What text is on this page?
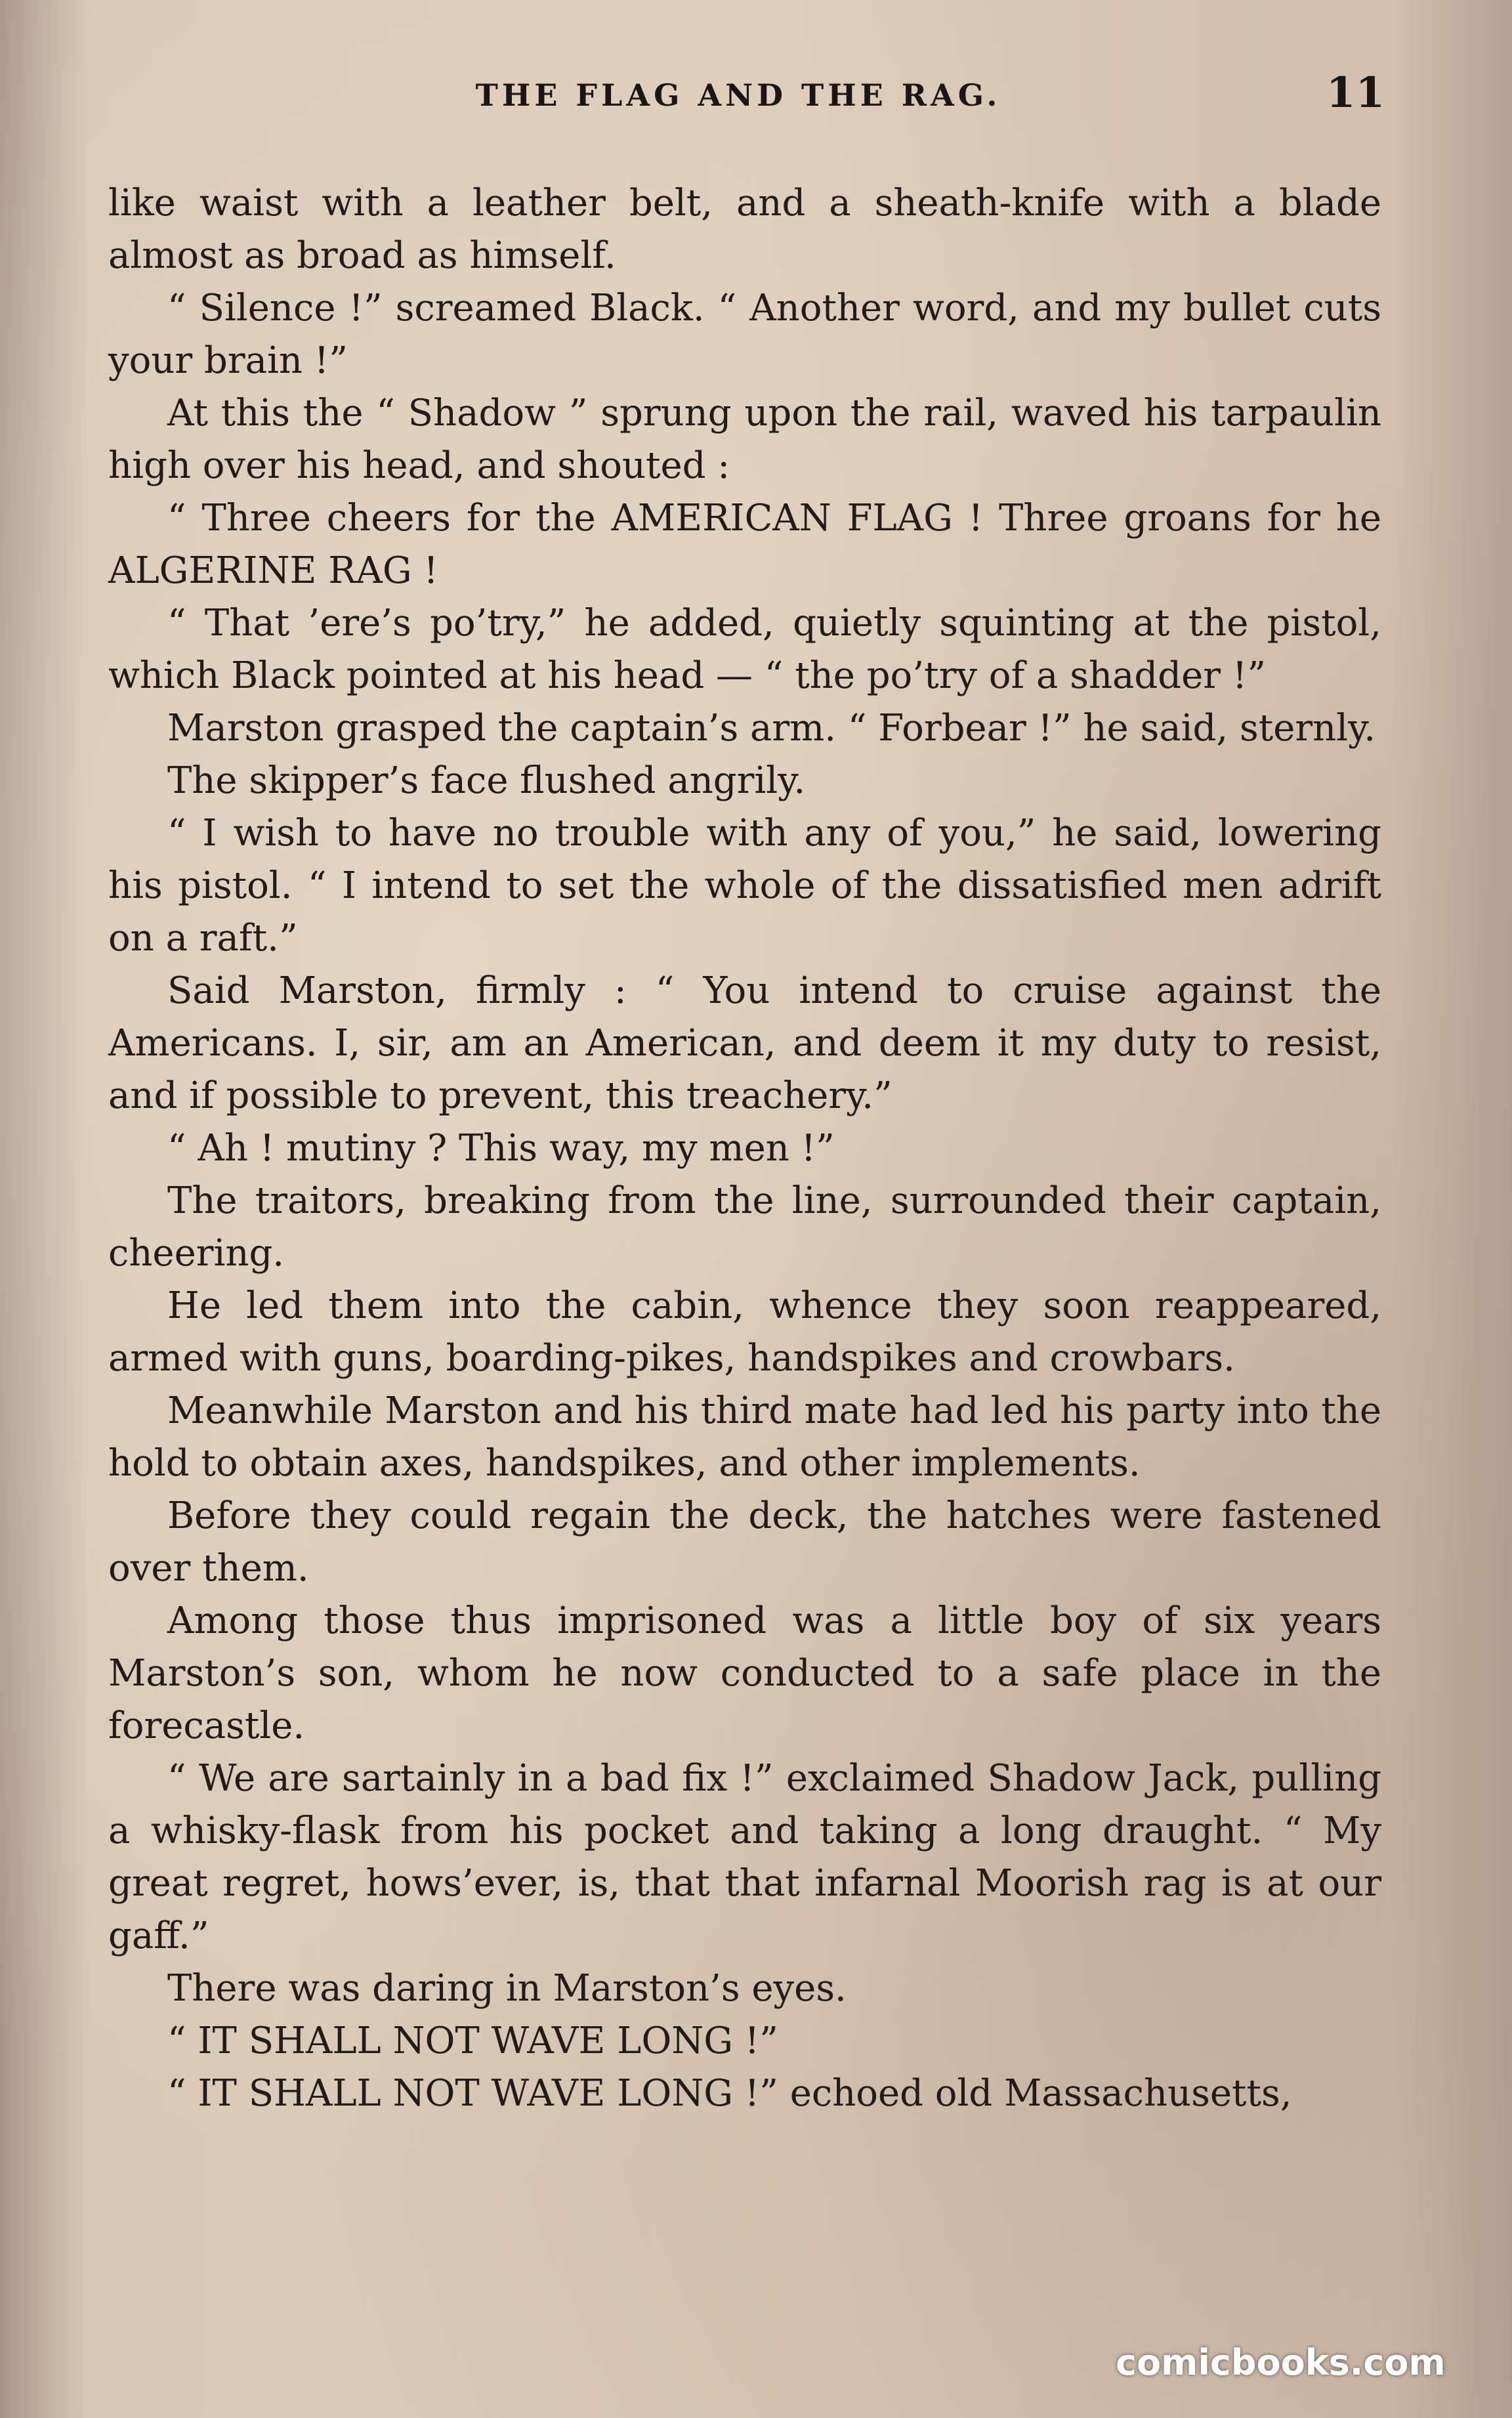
THE FLAG AND THE RAG.	11

like waist with a leather belt, and a sheath-knife with a blade almost as broad as himself.

“ Silence !” screamed Black. “ Another word, and my bullet cuts your brain !”

At this the “ Shadow ” sprung upon the rail, waved his tarpaulin high over his head, and shouted :

“ Three cheers for the AMERICAN FLAG ! Three groans for he ALGERINE RAG !

“ That ’ere’s po’try,” he added, quietly squinting at the pistol, which Black pointed at his head — “ the po’try of a shadder !”

Marston grasped the captain’s arm. “ Forbear !” he said, sternly.

The skipper’s face flushed angrily.

“ I wish to have no trouble with any of you,” he said, lowering his pistol. “ I intend to set the whole of the dissatisfied men adrift on a raft.”

Said Marston, firmly : “ You intend to cruise against the Americans. I, sir, am an American, and deem it my duty to resist, and if possible to prevent, this treachery.”

“ Ah ! mutiny ? This way, my men !”

The traitors, breaking from the line, surrounded their captain, cheering.

He led them into the cabin, whence they soon reappeared, armed with guns, boarding-pikes, handspikes and crowbars.

Meanwhile Marston and his third mate had led his party into the hold to obtain axes, handspikes, and other implements.

Before they could regain the deck, the hatches were fastened over them.

Among those thus imprisoned was a little boy of six years Marston’s son, whom he now conducted to a safe place in the forecastle.

“ We are sartainly in a bad fix !” exclaimed Shadow Jack, pulling a whisky-flask from his pocket and taking a long draught. “ My great regret, hows’ever, is, that that infarnal Moorish rag is at our gaff.”

There was daring in Marston’s eyes.

“ IT SHALL NOT WAVE LONG !”

“ IT SHALL NOT WAVE LONG !” echoed old Massachusetts,

comicbooks.com
